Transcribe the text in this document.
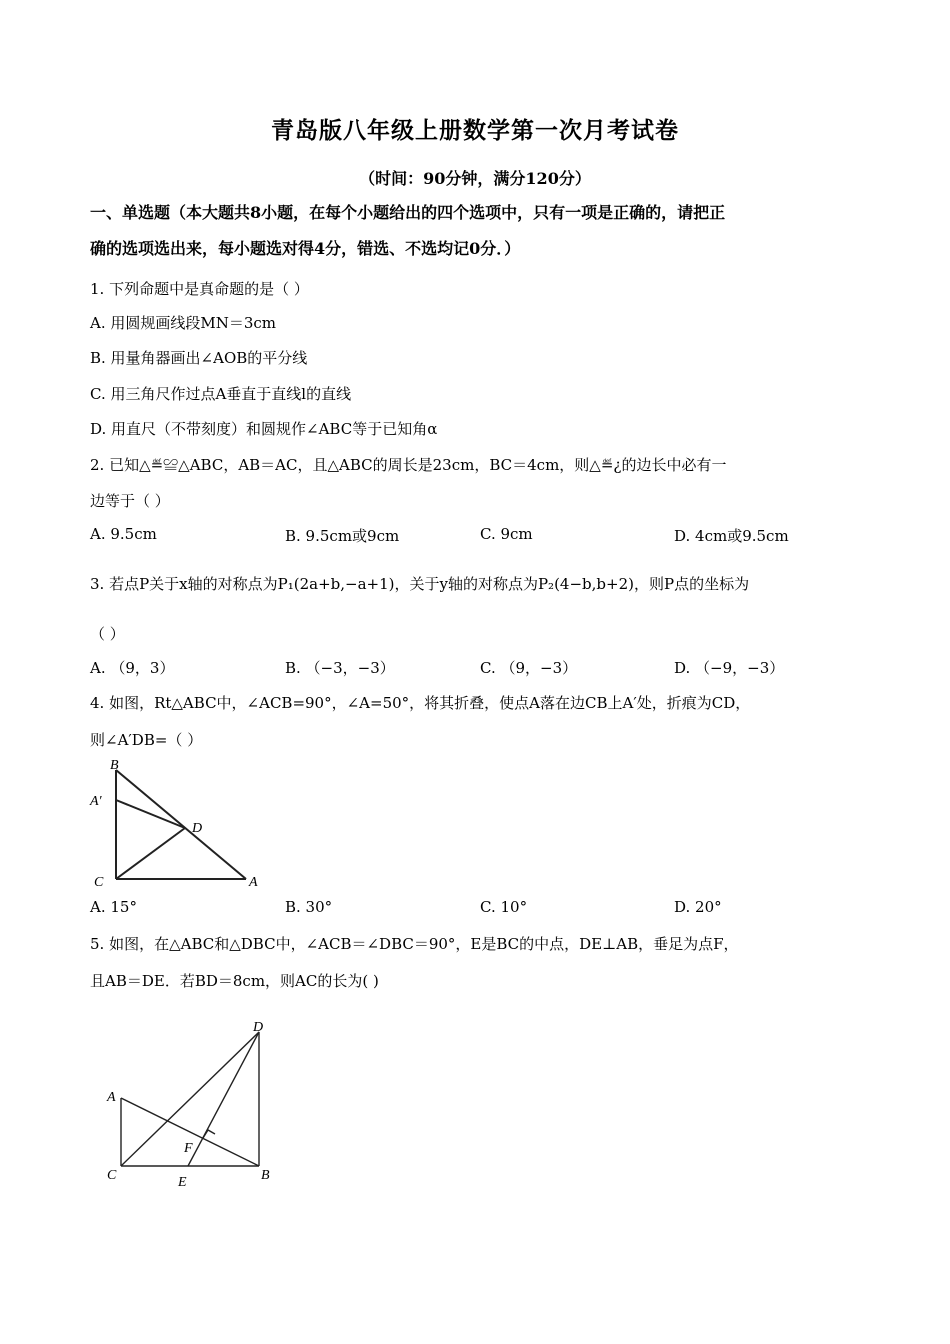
青岛版八年级上册数学第一次月考试卷
（时间：90分钟，满分120分）
一、单选题（本大题共8小题，在每个小题给出的四个选项中，只有一项是正确的，请把正
确的选项选出来，每小题选对得4分，错选、不选均记0分．）
1. 下列命题中是真命题的是（ ）
A. 用圆规画线段MN＝3cm
B. 用量角器画出∠AOB的平分线
C. 用三角尺作过点A垂直于直线l的直线
D. 用直尺（不带刻度）和圆规作∠ABC等于已知角α
2. 已知△≝≌△ABC，AB＝AC，且△ABC的周长是23cm，BC＝4cm，则△≝¿的边长中必有一
边等于（ ）
A. 9.5cm	B. 9.5cm或9cm	C. 9cm	D. 4cm或9.5cm
3. 若点P关于x轴的对称点为P₁(2a+b,−a+1)，关于y轴的对称点为P₂(4−b,b+2)，则P点的坐标为
（ ）
A. （9，3）	B. （−3，−3）	C. （9，−3）	D. （−9，−3）
4. 如图，Rt△ABC中，∠ACB=90°，∠A=50°，将其折叠，使点A落在边CB上A′处，折痕为CD，
则∠A′DB=（ ）
B
A′
D
C	A
A. 15°	B. 30°	C. 10°	D. 20°
5. 如图，在△ABC和△DBC中，∠ACB＝∠DBC＝90°，E是BC的中点，DE⊥AB，垂足为点F，
且AB＝DE．若BD＝8cm，则AC的长为( )
D
A
F
C	E	B
